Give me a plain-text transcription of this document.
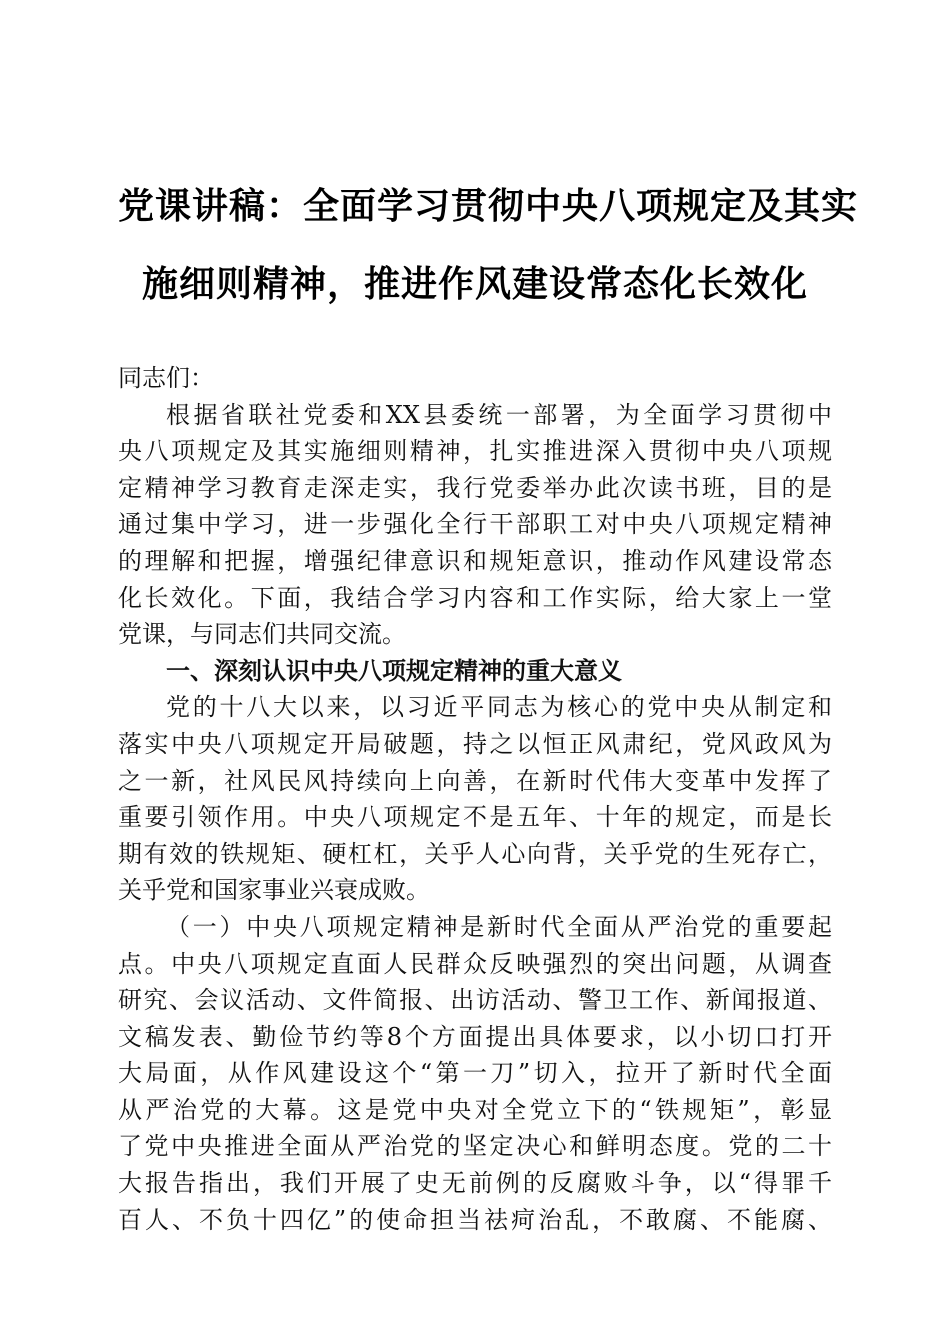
党课讲稿：全面学习贯彻中央八项规定及其实
施细则精神，推进作风建设常态化长效化
同志们：
根据省联社党委和XX县委统一部署，为全面学习贯彻中
央八项规定及其实施细则精神，扎实推进深入贯彻中央八项规
定精神学习教育走深走实，我行党委举办此次读书班，目的是
通过集中学习，进一步强化全行干部职工对中央八项规定精神
的理解和把握，增强纪律意识和规矩意识，推动作风建设常态
化长效化。下面，我结合学习内容和工作实际，给大家上一堂
党课，与同志们共同交流。
一、深刻认识中央八项规定精神的重大意义
党的十八大以来，以习近平同志为核心的党中央从制定和
落实中央八项规定开局破题，持之以恒正风肃纪，党风政风为
之一新，社风民风持续向上向善，在新时代伟大变革中发挥了
重要引领作用。中央八项规定不是五年、十年的规定，而是长
期有效的铁规矩、硬杠杠，关乎人心向背，关乎党的生死存亡，
关乎党和国家事业兴衰成败。
（一）中央八项规定精神是新时代全面从严治党的重要起
点。中央八项规定直面人民群众反映强烈的突出问题，从调查
研究、会议活动、文件简报、出访活动、警卫工作、新闻报道、
文稿发表、勤俭节约等8个方面提出具体要求，以小切口打开
大局面，从作风建设这个“第一刀”切入，拉开了新时代全面
从严治党的大幕。这是党中央对全党立下的“铁规矩”，彰显
了党中央推进全面从严治党的坚定决心和鲜明态度。党的二十
大报告指出，我们开展了史无前例的反腐败斗争，以“得罪千
百人、不负十四亿”的使命担当祛疴治乱，不敢腐、不能腐、
